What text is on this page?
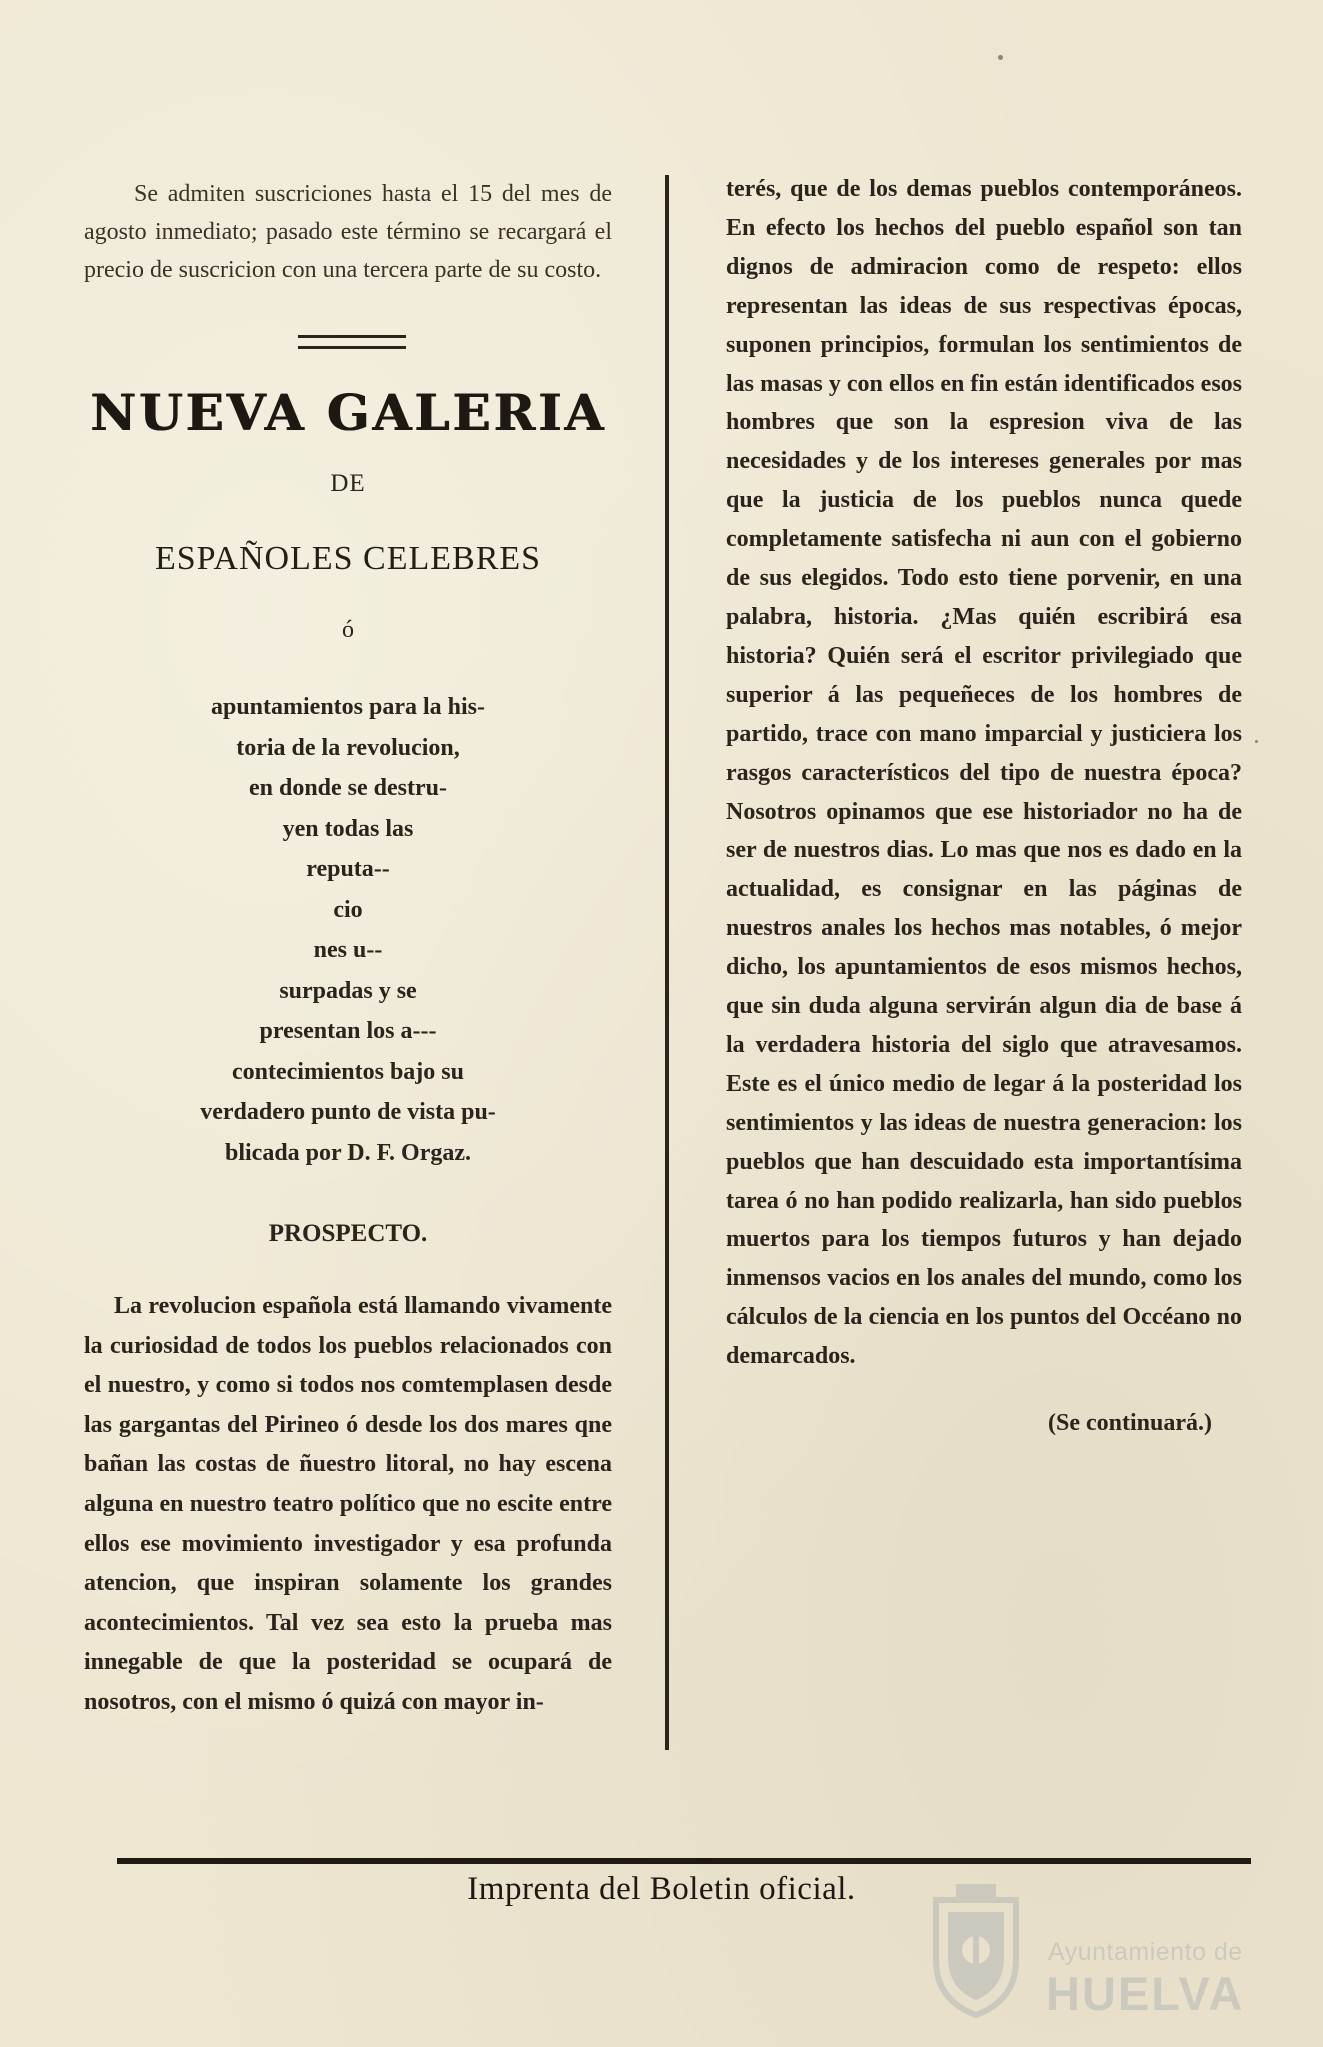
Se admiten suscriciones hasta el 15 del mes de agosto inmediato; pasado este término se recargará el precio de suscricion con una tercera parte de su costo.

NUEVA GALERIA
DE
ESPAÑOLES CELEBRES
ó
apuntamientos para la his-
toria de la revolucion,
en donde se destru-
yen todas las
reputa--
cio
nes u--
surpadas y se
presentan los a---
contecimientos bajo su
verdadero punto de vista pu-
blicada por D. F. Orgaz.
PROSPECTO.

La revolucion española está llamando vivamente la curiosidad de todos los pueblos relacionados con el nuestro, y como si todos nos comtemplasen desde las gargantas del Pirineo ó desde los dos mares qne bañan las costas de ñuestro litoral, no hay escena alguna en nuestro teatro político que no escite entre ellos ese movimiento investigador y esa profunda atencion, que inspiran solamente los grandes acontecimientos. Tal vez sea esto la prueba mas innegable de que la posteridad se ocupará de nosotros, con el mismo ó quizá con mayor in-

terés, que de los demas pueblos contemporáneos. En efecto los hechos del pueblo español son tan dignos de admiracion como de respeto: ellos representan las ideas de sus respectivas épocas, suponen principios, formulan los sentimientos de las masas y con ellos en fin están identificados esos hombres que son la espresion viva de las necesidades y de los intereses generales por mas que la justicia de los pueblos nunca quede completamente satisfecha ni aun con el gobierno de sus elegidos. Todo esto tiene porvenir, en una palabra, historia. ¿Mas quién escribirá esa historia? Quién será el escritor privilegiado que superior á las pequeñeces de los hombres de partido, trace con mano imparcial y justiciera los rasgos característicos del tipo de nuestra época? Nosotros opinamos que ese historiador no ha de ser de nuestros dias. Lo mas que nos es dado en la actualidad, es consignar en las páginas de nuestros anales los hechos mas notables, ó mejor dicho, los apuntamientos de esos mismos hechos, que sin duda alguna servirán algun dia de base á la verdadera historia del siglo que atravesamos. Este es el único medio de legar á la posteridad los sentimientos y las ideas de nuestra generacion: los pueblos que han descuidado esta importantísima tarea ó no han podido realizarla, han sido pueblos muertos para los tiempos futuros y han dejado inmensos vacios en los anales del mundo, como los cálculos de la ciencia en los puntos del Occéano no demarcados.

(Se continuará.)
Imprenta del Boletin oficial.
Ayuntamiento de
HUELVA
